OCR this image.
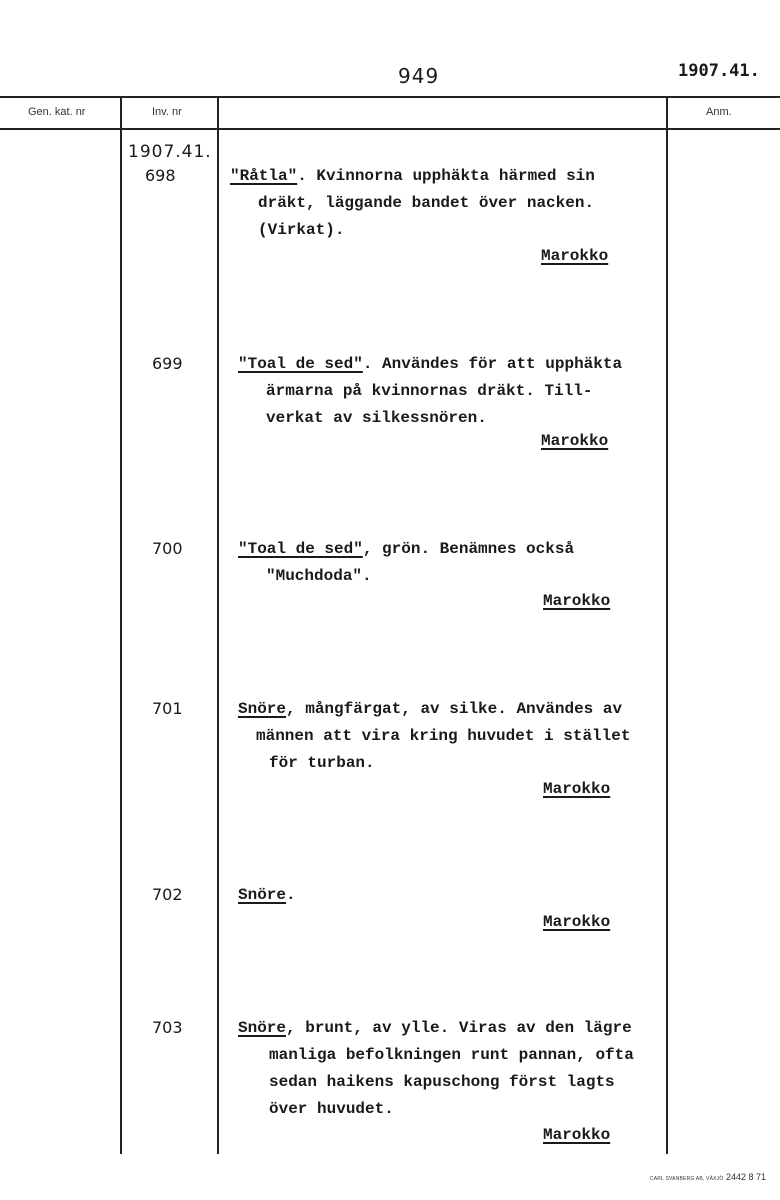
949	1907.41.
Gen. kat. nr	Inv. nr	Anm.
1907.41.
698	"Råtla". Kvinnorna upphäkta härmed sin
dräkt, läggande bandet över nacken.
(Virkat).
Marokko
699	"Toal de sed". Användes för att upphäkta
ärmarna på kvinnornas dräkt. Till-
verkat av silkessnören.
Marokko
700	"Toal de sed", grön. Benämnes också
"Muchdoda".
Marokko
701	Snöre, mångfärgat, av silke. Användes av
männen att vira kring huvudet i stället
för turban.
Marokko
702	Snöre.
Marokko
703	Snöre, brunt, av ylle. Viras av den lägre
manliga befolkningen runt pannan, ofta
sedan haikens kapuschong först lagts
över huvudet.
Marokko
CARL SVANBERG AB, VÄXJÖ 2442 8 71
